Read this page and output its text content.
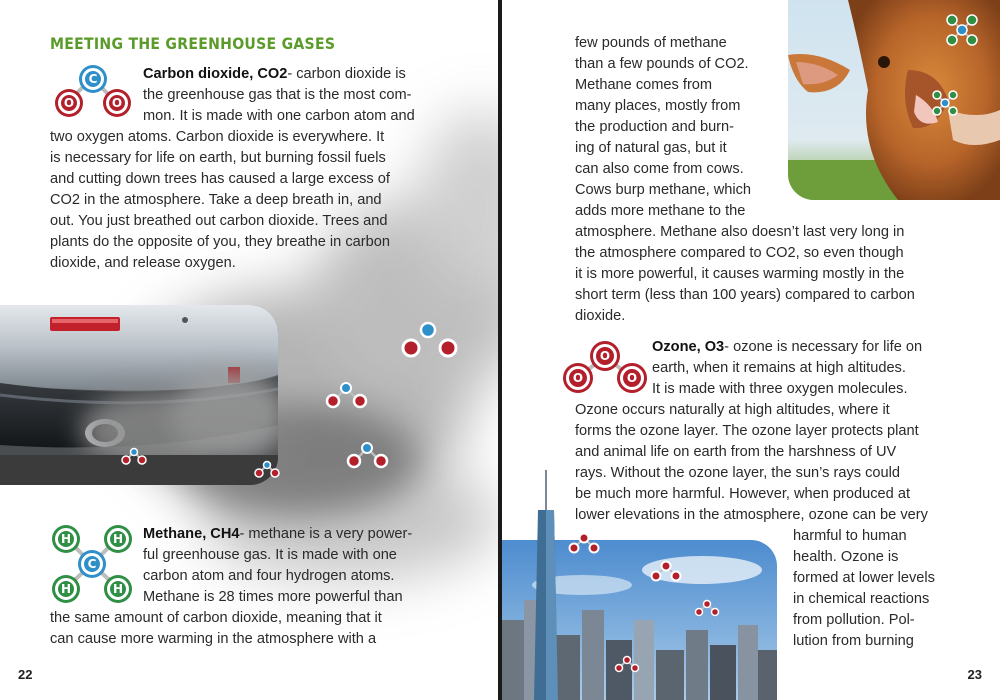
MEETING THE GREENHOUSE GASES
C
O	O

Carbon dioxide, CO2- carbon dioxide is

the greenhouse gas that is the most com-

mon. It is made with one carbon atom and

two oxygen atoms. Carbon dioxide is everywhere. It

is necessary for life on earth, but burning fossil fuels

and cutting down trees has caused a large excess of

CO2 in the atmosphere. Take a deep breath in, and

out. You just breathed out carbon dioxide. Trees and

plants do the opposite of you, they breathe in carbon

dioxide, and release oxygen.

H	H
C
H	H

Methane, CH4- methane is a very power-

ful greenhouse gas. It is made with one

carbon atom and four hydrogen atoms.

Methane is 28 times more powerful than

the same amount of carbon dioxide, meaning that it

can cause more warming in the atmosphere with a

22

few pounds of methane

than a few pounds of CO2.

Methane comes from

many places, mostly from

the production and burn-

ing of natural gas, but it

can also come from cows.

Cows burp methane, which

adds more methane to the

atmosphere. Methane also doesn’t last very long in

the atmosphere compared to CO2, so even though

it is more powerful, it causes warming mostly in the

short term (less than 100 years) compared to carbon

dioxide.

O
O	O

Ozone, O3- ozone is necessary for life on

earth, when it remains at high altitudes.

It is made with three oxygen molecules.

Ozone occurs naturally at high altitudes, where it

forms the ozone layer. The ozone layer protects plant

and animal life on earth from the harshness of UV

rays. Without the ozone layer, the sun’s rays could

be much more harmful. However, when produced at

lower elevations in the atmosphere, ozone can be very

harmful to human

health. Ozone is

formed at lower levels

in chemical reactions

from pollution. Pol-

lution from burning

23
